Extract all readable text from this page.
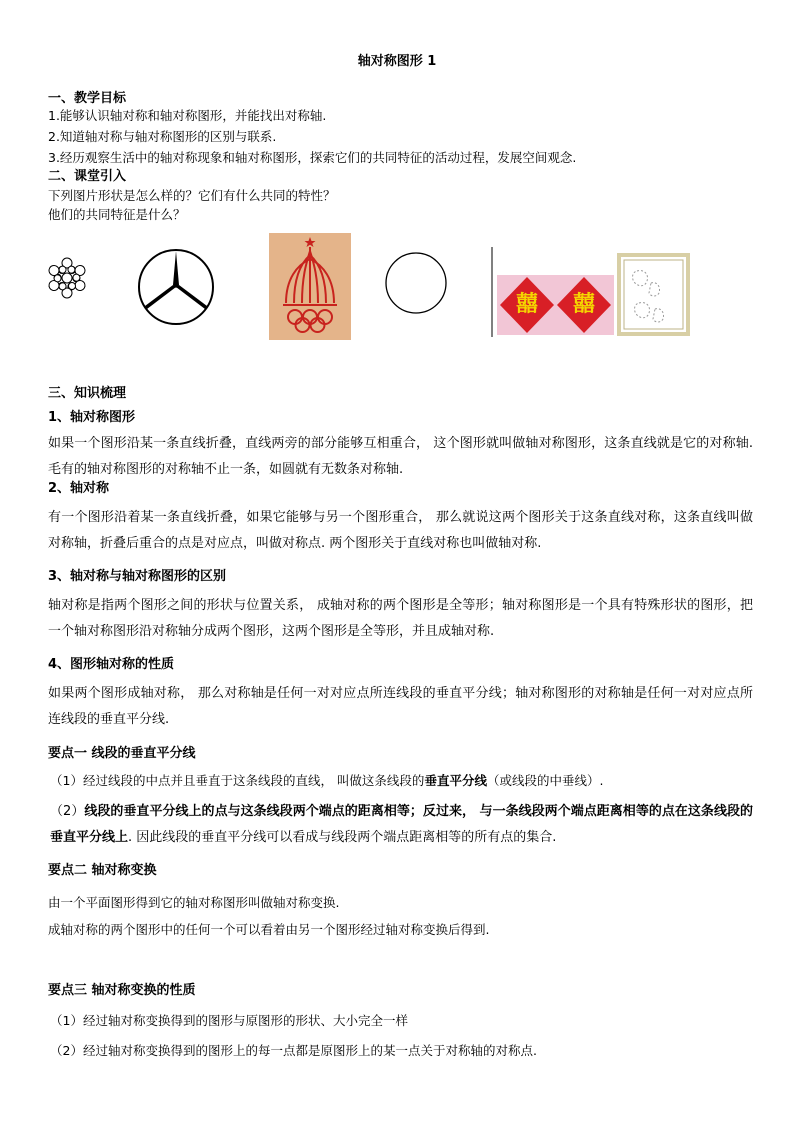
轴对称图形 1
一、教学目标
1.能够认识轴对称和轴对称图形，并能找出对称轴.
2.知道轴对称与轴对称图形的区别与联系.
3.经历观察生活中的轴对称现象和轴对称图形，探索它们的共同特征的活动过程，发展空间观念.
二、课堂引入
下列图片形状是怎么样的？它们有什么共同的特性？
他们的共同特征是什么？
囍	囍
三、知识梳理
1、轴对称图形
如果一个图形沿某一条直线折叠，直线两旁的部分能够互相重合， 这个图形就叫做轴对称图形，这条直线就是它的对称轴. 毛有的轴对称图形的对称轴不止一条，如圆就有无数条对称轴.
2、轴对称
有一个图形沿着某一条直线折叠，如果它能够与另一个图形重合， 那么就说这两个图形关于这条直线对称，这条直线叫做对称轴，折叠后重合的点是对应点，叫做对称点. 两个图形关于直线对称也叫做轴对称.
3、轴对称与轴对称图形的区别
轴对称是指两个图形之间的形状与位置关系， 成轴对称的两个图形是全等形；轴对称图形是一个具有特殊形状的图形，把一个轴对称图形沿对称轴分成两个图形，这两个图形是全等形，并且成轴对称.
4、图形轴对称的性质
如果两个图形成轴对称， 那么对称轴是任何一对对应点所连线段的垂直平分线；轴对称图形的对称轴是任何一对对应点所连线段的垂直平分线.
要点一 线段的垂直平分线
（1）经过线段的中点并且垂直于这条线段的直线， 叫做这条线段的垂直平分线（或线段的中垂线）.
（2）线段的垂直平分线上的点与这条线段两个端点的距离相等；反过来， 与一条线段两个端点距离相等的点在这条线段的垂直平分线上. 因此线段的垂直平分线可以看成与线段两个端点距离相等的所有点的集合.
要点二 轴对称变换
由一个平面图形得到它的轴对称图形叫做轴对称变换.
成轴对称的两个图形中的任何一个可以看着由另一个图形经过轴对称变换后得到.
要点三 轴对称变换的性质
（1）经过轴对称变换得到的图形与原图形的形状、大小完全一样
（2）经过轴对称变换得到的图形上的每一点都是原图形上的某一点关于对称轴的对称点.
